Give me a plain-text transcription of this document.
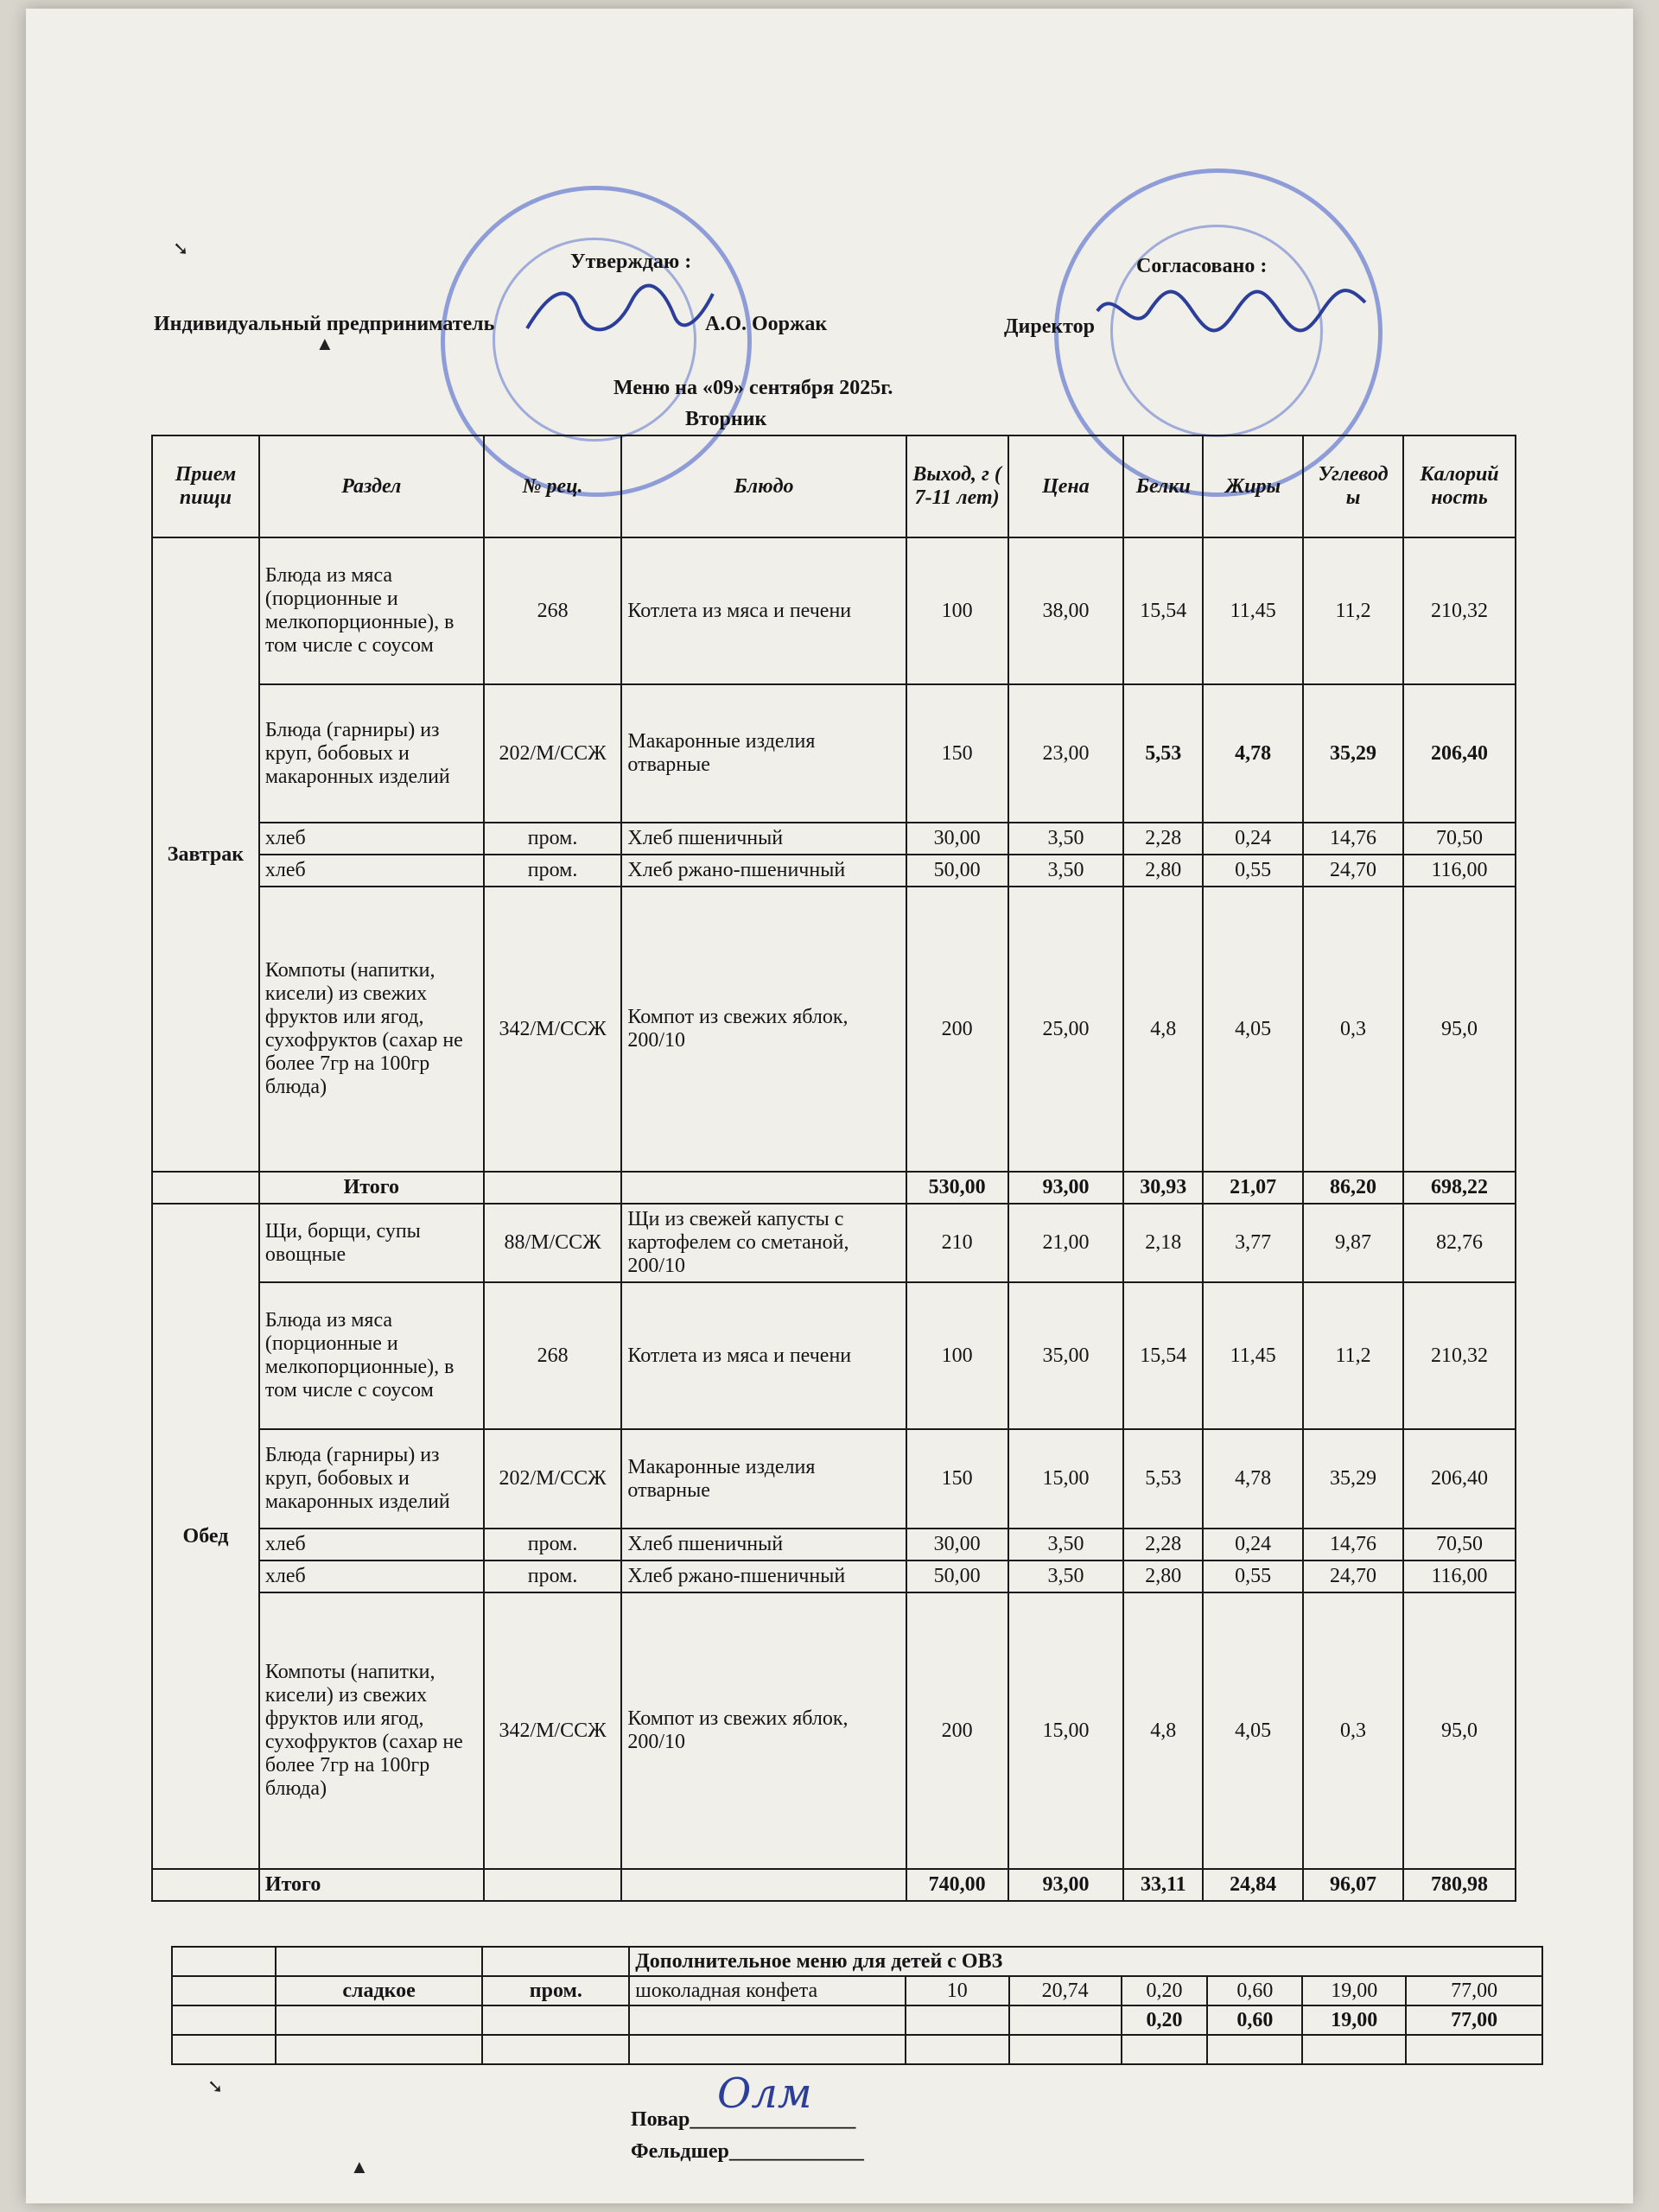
Утверждаю :	Согласовано :
Индивидуальный предприниматель	А.О. Ооржак	Директор
Меню на «09» сентября 2025г.
Вторник
Прием пищи	Раздел	№ рец.	Блюдо	Выход, г ( 7-11 лет)	Цена	Белки	Жиры	Углевод ы	Калорий ность
Завтрак	Блюда из мяса (порционные и мелкопорционные), в том числе с соусом	268	Котлета из мяса и печени	100	38,00	15,54	11,45	11,2	210,32
	Блюда (гарниры) из круп, бобовых и макаронных изделий	202/М/ССЖ	Макаронные изделия отварные	150	23,00	5,53	4,78	35,29	206,40
	хлеб	пром.	Хлеб пшеничный	30,00	3,50	2,28	0,24	14,76	70,50
	хлеб	пром.	Хлеб ржано-пшеничный	50,00	3,50	2,80	0,55	24,70	116,00
	Компоты (напитки, кисели) из свежих фруктов или ягод, сухофруктов (сахар не более 7гр на 100гр блюда)	342/М/ССЖ	Компот из свежих яблок, 200/10	200	25,00	4,8	4,05	0,3	95,0
	Итого			530,00	93,00	30,93	21,07	86,20	698,22
Обед	Щи, борщи, супы овощные	88/М/ССЖ	Щи из свежей капусты с картофелем со сметаной, 200/10	210	21,00	2,18	3,77	9,87	82,76
	Блюда из мяса (порционные и мелкопорционные), в том числе с соусом	268	Котлета из мяса и печени	100	35,00	15,54	11,45	11,2	210,32
	Блюда (гарниры) из круп, бобовых и макаронных изделий	202/М/ССЖ	Макаронные изделия отварные	150	15,00	5,53	4,78	35,29	206,40
	хлеб	пром.	Хлеб пшеничный	30,00	3,50	2,28	0,24	14,76	70,50
	хлеб	пром.	Хлеб ржано-пшеничный	50,00	3,50	2,80	0,55	24,70	116,00
	Компоты (напитки, кисели) из свежих фруктов или ягод, сухофруктов (сахар не более 7гр на 100гр блюда)	342/М/ССЖ	Компот из свежих яблок, 200/10	200	15,00	4,8	4,05	0,3	95,0
	Итого			740,00	93,00	33,11	24,84	96,07	780,98
			Дополнительное меню для детей с ОВЗ						
	сладкое	пром.	шоколадная конфета	10	20,74	0,20	0,60	19,00	77,00
						0,20	0,60	19,00	77,00

Повар________________
Олм
Фельдшер_____________
➘
▲
➘
▲
